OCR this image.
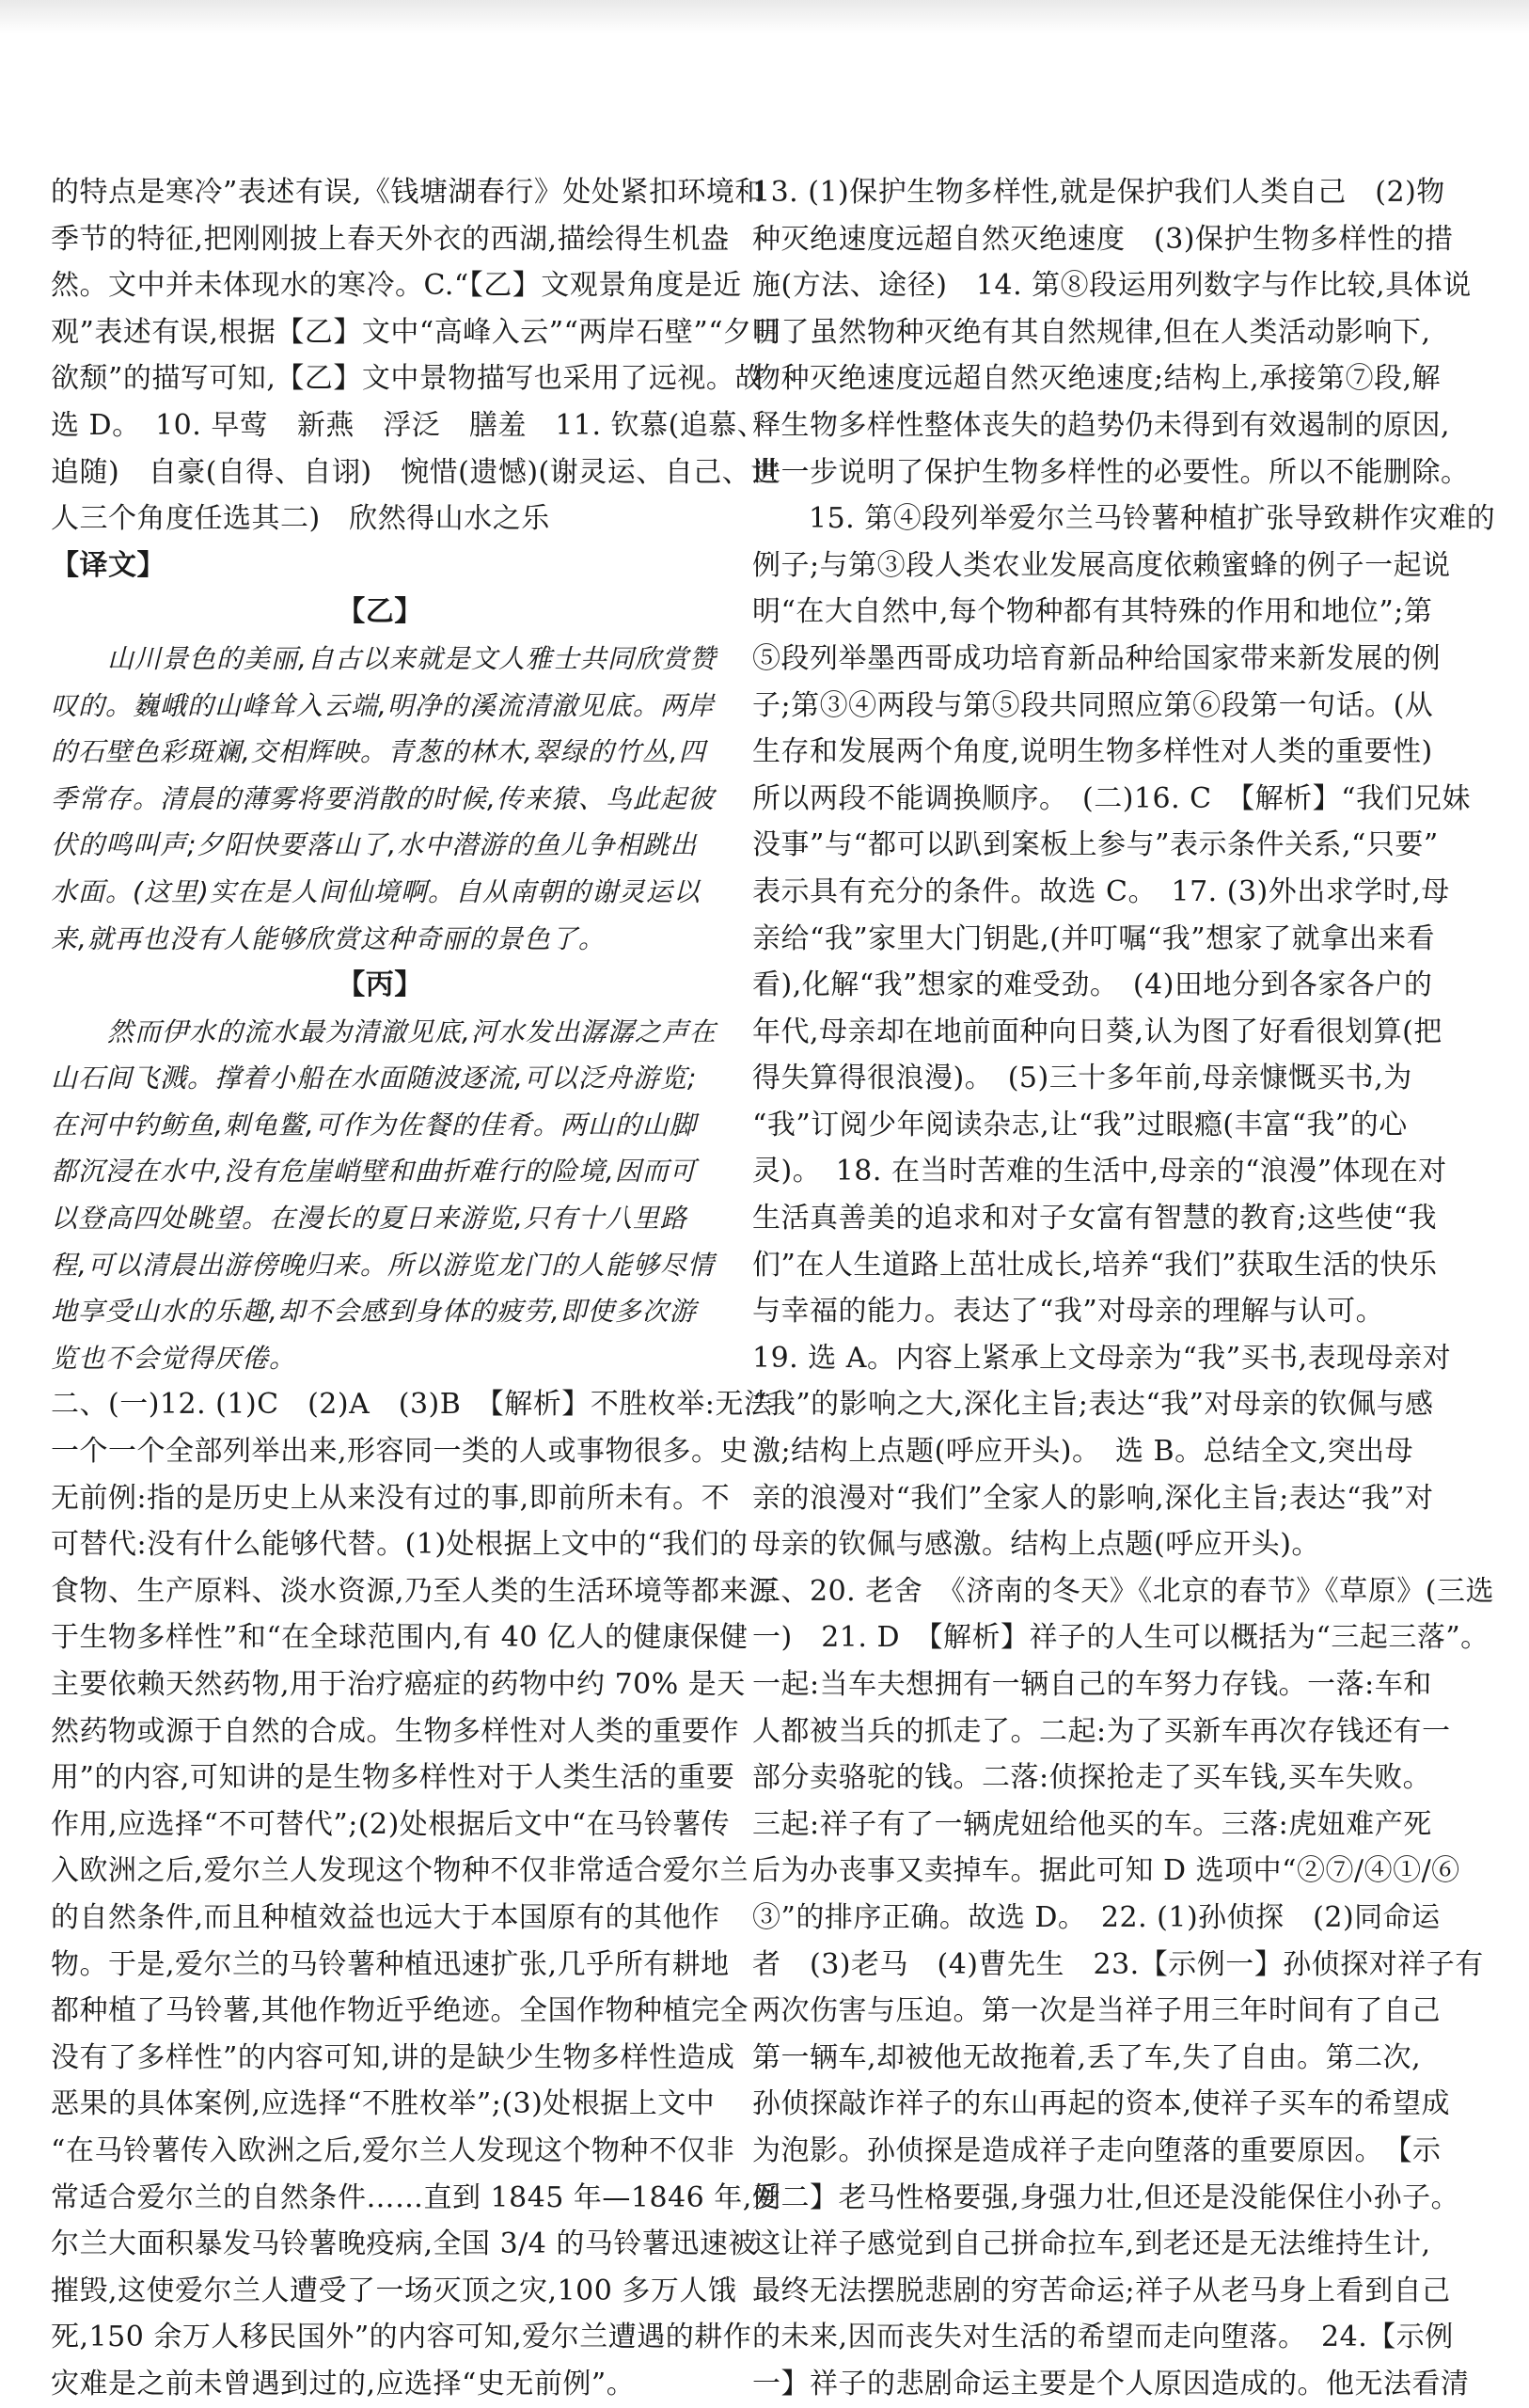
的特点是寒冷”表述有误,《钱塘湖春行》处处紧扣环境和
季节的特征,把刚刚披上春天外衣的西湖,描绘得生机盎
然。文中并未体现水的寒冷。C.“【乙】文观景角度是近
观”表述有误,根据【乙】文中“高峰入云”“两岸石壁”“夕日
欲颓”的描写可知,【乙】文中景物描写也采用了远视。故
选 D。　10. 早莺　新燕　浮泛　膳羞　11. 钦慕(追慕、
追随)　自豪(自得、自诩)　惋惜(遗憾)(谢灵运、自己、世
人三个角度任选其二)　欣然得山水之乐
【译文】
【乙】
山川景色的美丽,自古以来就是文人雅士共同欣赏赞
叹的。巍峨的山峰耸入云端,明净的溪流清澈见底。两岸
的石壁色彩斑斓,交相辉映。青葱的林木,翠绿的竹丛,四
季常存。清晨的薄雾将要消散的时候,传来猿、鸟此起彼
伏的鸣叫声;夕阳快要落山了,水中潜游的鱼儿争相跳出
水面。(这里)实在是人间仙境啊。自从南朝的谢灵运以
来,就再也没有人能够欣赏这种奇丽的景色了。
【丙】
然而伊水的流水最为清澈见底,河水发出潺潺之声在
山石间飞溅。撑着小船在水面随波逐流,可以泛舟游览;
在河中钓鲂鱼,刺龟鳖,可作为佐餐的佳肴。两山的山脚
都沉浸在水中,没有危崖峭壁和曲折难行的险境,因而可
以登高四处眺望。在漫长的夏日来游览,只有十八里路
程,可以清晨出游傍晚归来。所以游览龙门的人能够尽情
地享受山水的乐趣,却不会感到身体的疲劳,即使多次游
览也不会觉得厌倦。
二、(一)12. (1)C　(2)A　(3)B　【解析】不胜枚举:无法
一个一个全部列举出来,形容同一类的人或事物很多。史
无前例:指的是历史上从来没有过的事,即前所未有。不
可替代:没有什么能够代替。(1)处根据上文中的“我们的
食物、生产原料、淡水资源,乃至人类的生活环境等都来源
于生物多样性”和“在全球范围内,有 40 亿人的健康保健
主要依赖天然药物,用于治疗癌症的药物中约 70% 是天
然药物或源于自然的合成。生物多样性对人类的重要作
用”的内容,可知讲的是生物多样性对于人类生活的重要
作用,应选择“不可替代”;(2)处根据后文中“在马铃薯传
入欧洲之后,爱尔兰人发现这个物种不仅非常适合爱尔兰
的自然条件,而且种植效益也远大于本国原有的其他作
物。于是,爱尔兰的马铃薯种植迅速扩张,几乎所有耕地
都种植了马铃薯,其他作物近乎绝迹。全国作物种植完全
没有了多样性”的内容可知,讲的是缺少生物多样性造成
恶果的具体案例,应选择“不胜枚举”;(3)处根据上文中
“在马铃薯传入欧洲之后,爱尔兰人发现这个物种不仅非
常适合爱尔兰的自然条件……直到 1845 年—1846 年,爱
尔兰大面积暴发马铃薯晚疫病,全国 3/4 的马铃薯迅速被
摧毁,这使爱尔兰人遭受了一场灭顶之灾,100 多万人饿
死,150 余万人移民国外”的内容可知,爱尔兰遭遇的耕作
灾难是之前未曾遇到过的,应选择“史无前例”。
13. (1)保护生物多样性,就是保护我们人类自己　(2)物
种灭绝速度远超自然灭绝速度　(3)保护生物多样性的措
施(方法、途径)　14. 第⑧段运用列数字与作比较,具体说
明了虽然物种灭绝有其自然规律,但在人类活动影响下,
物种灭绝速度远超自然灭绝速度;结构上,承接第⑦段,解
释生物多样性整体丧失的趋势仍未得到有效遏制的原因,
进一步说明了保护生物多样性的必要性。所以不能删除。
15. 第④段列举爱尔兰马铃薯种植扩张导致耕作灾难的
例子;与第③段人类农业发展高度依赖蜜蜂的例子一起说
明“在大自然中,每个物种都有其特殊的作用和地位”;第
⑤段列举墨西哥成功培育新品种给国家带来新发展的例
子;第③④两段与第⑤段共同照应第⑥段第一句话。(从
生存和发展两个角度,说明生物多样性对人类的重要性)
所以两段不能调换顺序。　(二)16. C　【解析】“我们兄妹
没事”与“都可以趴到案板上参与”表示条件关系,“只要”
表示具有充分的条件。故选 C。　17. (3)外出求学时,母
亲给“我”家里大门钥匙,(并叮嘱“我”想家了就拿出来看
看),化解“我”想家的难受劲。　(4)田地分到各家各户的
年代,母亲却在地前面种向日葵,认为图了好看很划算(把
得失算得很浪漫)。　(5)三十多年前,母亲慷慨买书,为
“我”订阅少年阅读杂志,让“我”过眼瘾(丰富“我”的心
灵)。　18. 在当时苦难的生活中,母亲的“浪漫”体现在对
生活真善美的追求和对子女富有智慧的教育;这些使“我
们”在人生道路上茁壮成长,培养“我们”获取生活的快乐
与幸福的能力。表达了“我”对母亲的理解与认可。
19. 选 A。内容上紧承上文母亲为“我”买书,表现母亲对
“我”的影响之大,深化主旨;表达“我”对母亲的钦佩与感
激;结构上点题(呼应开头)。　选 B。总结全文,突出母
亲的浪漫对“我们”全家人的影响,深化主旨;表达“我”对
母亲的钦佩与感激。结构上点题(呼应开头)。
三、20. 老舍　《济南的冬天》《北京的春节》《草原》(三选
一)　21. D　【解析】祥子的人生可以概括为“三起三落”。
一起:当车夫想拥有一辆自己的车努力存钱。一落:车和
人都被当兵的抓走了。二起:为了买新车再次存钱还有一
部分卖骆驼的钱。二落:侦探抢走了买车钱,买车失败。
三起:祥子有了一辆虎妞给他买的车。三落:虎妞难产死
后为办丧事又卖掉车。据此可知 D 选项中“②⑦/④①/⑥
③”的排序正确。故选 D。　22. (1)孙侦探　(2)同命运
者　(3)老马　(4)曹先生　23.【示例一】孙侦探对祥子有
两次伤害与压迫。第一次是当祥子用三年时间有了自己
第一辆车,却被他无故拖着,丢了车,失了自由。第二次,
孙侦探敲诈祥子的东山再起的资本,使祥子买车的希望成
为泡影。孙侦探是造成祥子走向堕落的重要原因。　【示
例二】老马性格要强,身强力壮,但还是没能保住小孙子。
这让祥子感觉到自己拼命拉车,到老还是无法维持生计,
最终无法摆脱悲剧的穷苦命运;祥子从老马身上看到自己
的未来,因而丧失对生活的希望而走向堕落。　24.【示例
一】祥子的悲剧命运主要是个人原因造成的。他无法看清
